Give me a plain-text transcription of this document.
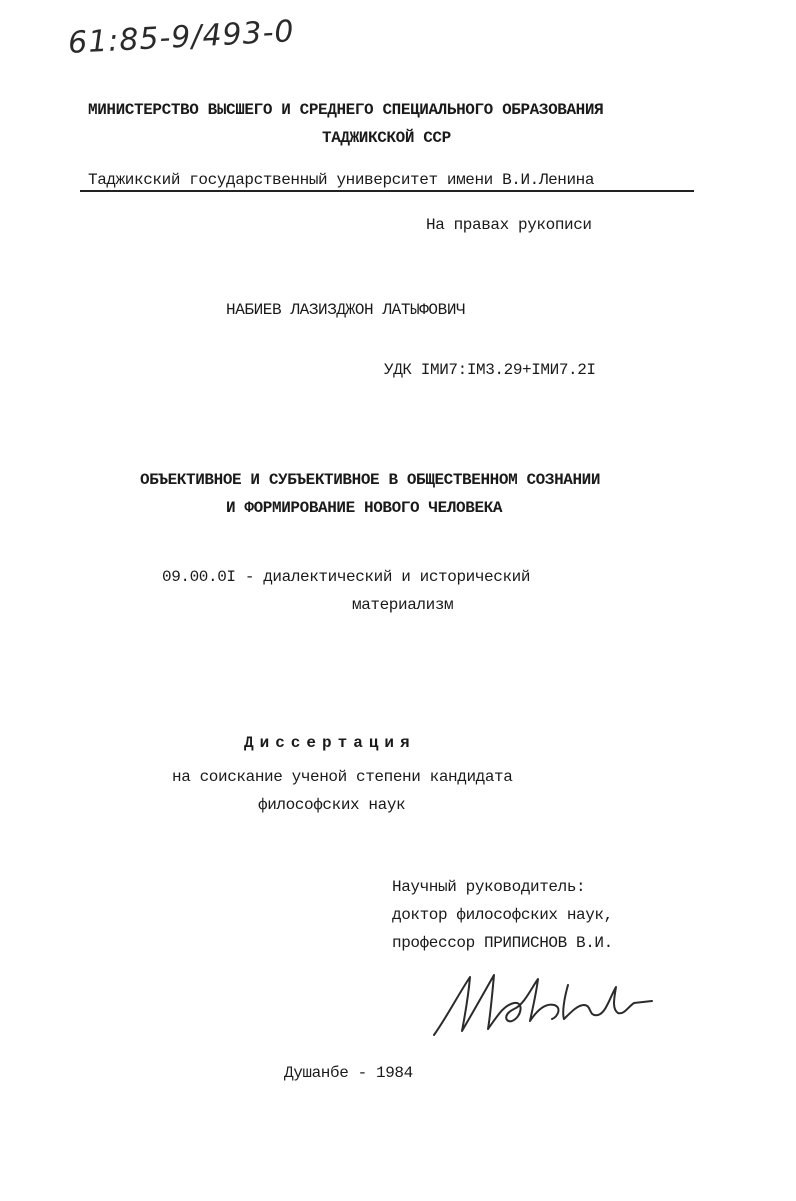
61:85-9/493-0
МИНИСТЕРСТВО ВЫСШЕГО И СРЕДНЕГО СПЕЦИАЛЬНОГО ОБРАЗОВАНИЯ
ТАДЖИКСКОЙ ССР
Таджикский государственный университет имени В.И.Ленина
На правах рукописи
НАБИЕВ ЛАЗИЗДЖОН ЛАТЫФОВИЧ
УДК IМИ7:IМ3.29+IМИ7.2I
ОБЪЕКТИВНОЕ И СУБЪЕКТИВНОЕ В ОБЩЕСТВЕННОМ СОЗНАНИИ
И ФОРМИРОВАНИЕ НОВОГО ЧЕЛОВЕКА
09.00.0I - диалектический и исторический
материализм
Диссертация
на соискание ученой степени кандидата
философских наук
Научный руководитель:
доктор философских наук,
профессор ПРИПИСНОВ В.И.
Душанбе - 1984
